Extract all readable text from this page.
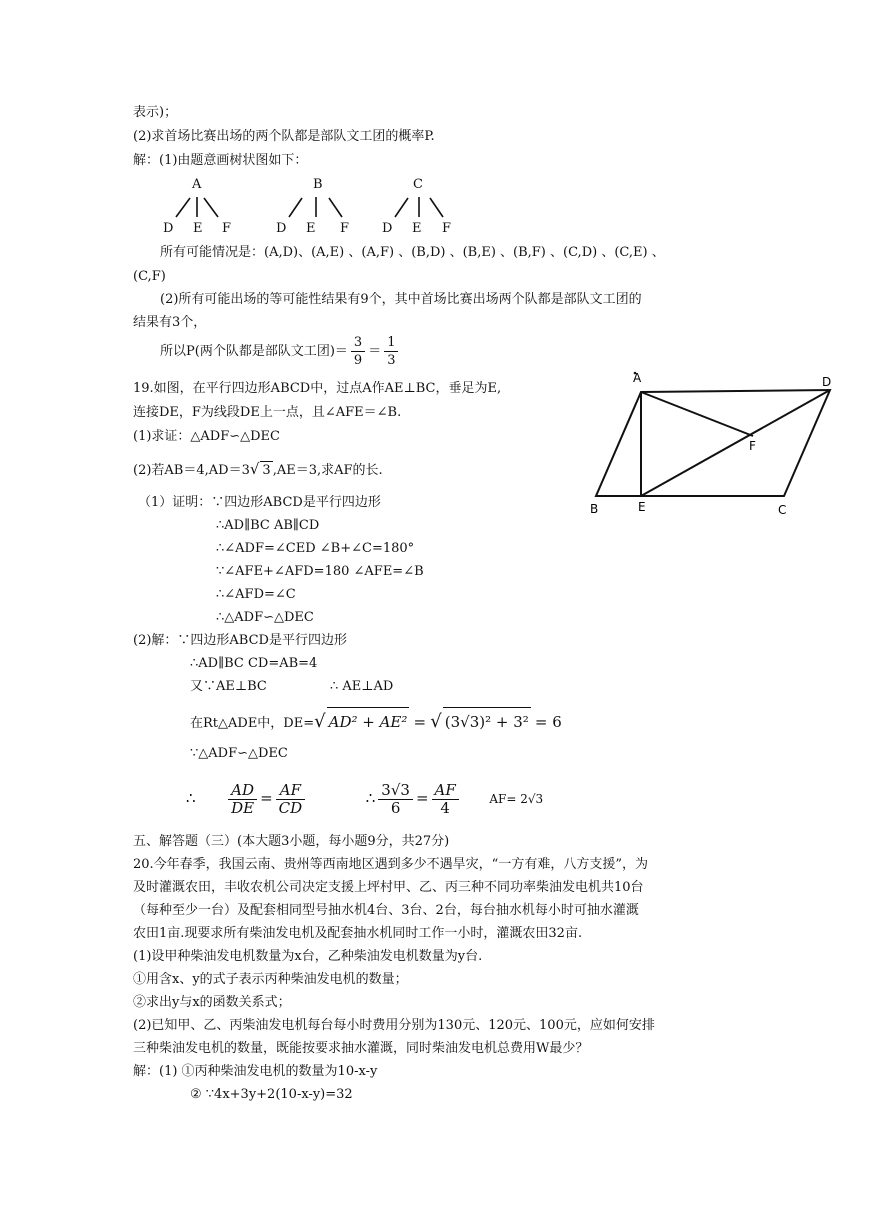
表示)；
(2)求首场比赛出场的两个队都是部队文工团的概率P.
解：(1)由题意画树状图如下：
A	B	C
D E F	D E F	D E F
所有可能情况是：(A,D)、(A,E) 、(A,F) 、(B,D) 、(B,E) 、(B,F) 、(C,D) 、(C,E) 、
(C,F)
(2)所有可能出场的等可能性结果有9个，其中首场比赛出场两个队都是部队文工团的
结果有3个，
所以P(两个队都是部队文工团)＝ $\frac{3}{9} = \frac{1}{3}$
19.如图，在平行四边形ABCD中，过点A作AE⊥BC，垂足为E,
连接DE，F为线段DE上一点，且∠AFE＝∠B.
(1)求证：△ADF∽△DEC
(2)若AB＝4,AD＝3√ 3 ,AE＝3,求AF的长.
A	D
F
B	E	C
（1）证明：∵四边形ABCD是平行四边形
∴AD∥BC AB∥CD
∴∠ADF=∠CED ∠B+∠C=180°
∵∠AFE+∠AFD=180 ∠AFE=∠B
∴∠AFD=∠C
∴△ADF∽△DEC
(2)解：∵四边形ABCD是平行四边形
∴AD∥BC CD=AB=4
又∵AE⊥BC	∴ AE⊥AD
在Rt△ADE中，DE=√ AD² + AE² = √ (3√3)² + 3² = 6
∵△ADF∽△DEC
∴ $\frac{AD}{DE} = \frac{AF}{CD}$	∴ $\frac{3√3}{6} = \frac{AF}{4}$	AF= 2√3
五、解答题（三）(本大题3小题，每小题9分，共27分)
20.今年春季，我国云南、贵州等西南地区遇到多少不遇旱灾，“一方有难，八方支援”，为
及时灌溉农田，丰收农机公司决定支援上坪村甲、乙、丙三种不同功率柴油发电机共10台
（每种至少一台）及配套相同型号抽水机4台、3台、2台，每台抽水机每小时可抽水灌溉
农田1亩.现要求所有柴油发电机及配套抽水机同时工作一小时，灌溉农田32亩.
(1)设甲种柴油发电机数量为x台，乙种柴油发电机数量为y台.
①用含x、y的式子表示丙种柴油发电机的数量；
②求出y与x的函数关系式；
(2)已知甲、乙、丙柴油发电机每台每小时费用分别为130元、120元、100元，应如何安排
三种柴油发电机的数量，既能按要求抽水灌溉，同时柴油发电机总费用W最少？
解：(1) ①丙种柴油发电机的数量为10-x-y
② ∵4x+3y+2(10-x-y)=32
